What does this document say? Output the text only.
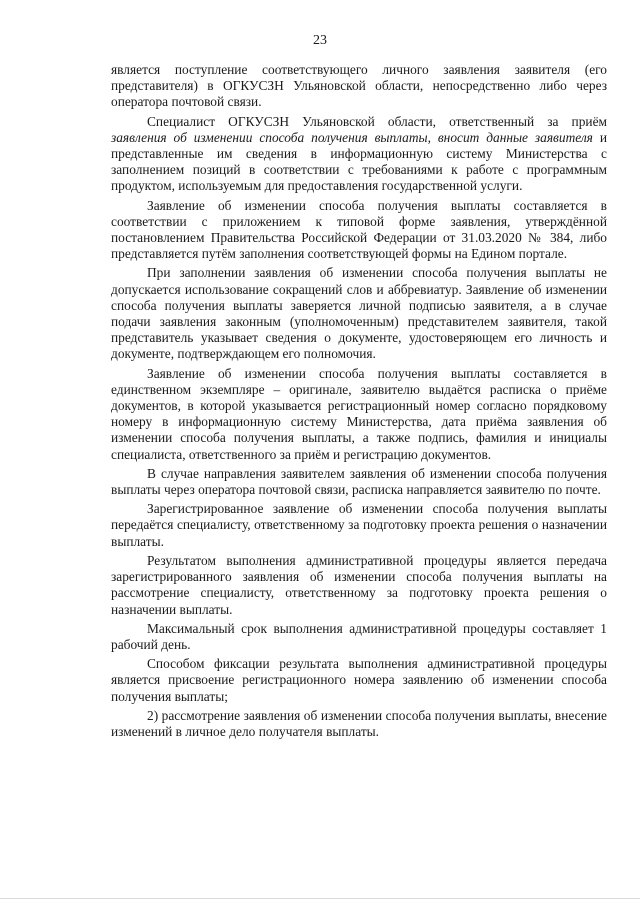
23

является поступление соответствующего личного заявления заявителя (его представителя) в ОГКУСЗН Ульяновской области, непосредственно либо через оператора почтовой связи.

Специалист ОГКУСЗН Ульяновской области, ответственный за приём заявления об изменении способа получения выплаты, вносит данные заявителя и представленные им сведения в информационную систему Министерства с заполнением позиций в соответствии с требованиями к работе с программным продуктом, используемым для предоставления государственной услуги.

Заявление об изменении способа получения выплаты составляется в соответствии с приложением к типовой форме заявления, утверждённой постановлением Правительства Российской Федерации от 31.03.2020 № 384, либо представляется путём заполнения соответствующей формы на Едином портале.

При заполнении заявления об изменении способа получения выплаты не допускается использование сокращений слов и аббревиатур. Заявление об изменении способа получения выплаты заверяется личной подписью заявителя, а в случае подачи заявления законным (уполномоченным) представителем заявителя, такой представитель указывает сведения о документе, удостоверяющем его личность и документе, подтверждающем его полномочия.

Заявление об изменении способа получения выплаты составляется в единственном экземпляре – оригинале, заявителю выдаётся расписка о приёме документов, в которой указывается регистрационный номер согласно порядковому номеру в информационную систему Министерства, дата приёма заявления об изменении способа получения выплаты, а также подпись, фамилия и инициалы специалиста, ответственного за приём и регистрацию документов.

В случае направления заявителем заявления об изменении способа получения выплаты через оператора почтовой связи, расписка направляется заявителю по почте.

Зарегистрированное заявление об изменении способа получения выплаты передаётся специалисту, ответственному за подготовку проекта решения о назначении выплаты.

Результатом выполнения административной процедуры является передача зарегистрированного заявления об изменении способа получения выплаты на рассмотрение специалисту, ответственному за подготовку проекта решения о назначении выплаты.

Максимальный срок выполнения административной процедуры составляет 1 рабочий день.

Способом фиксации результата выполнения административной процедуры является присвоение регистрационного номера заявлению об изменении способа получения выплаты;

2) рассмотрение заявления об изменении способа получения выплаты, внесение изменений в личное дело получателя выплаты.
